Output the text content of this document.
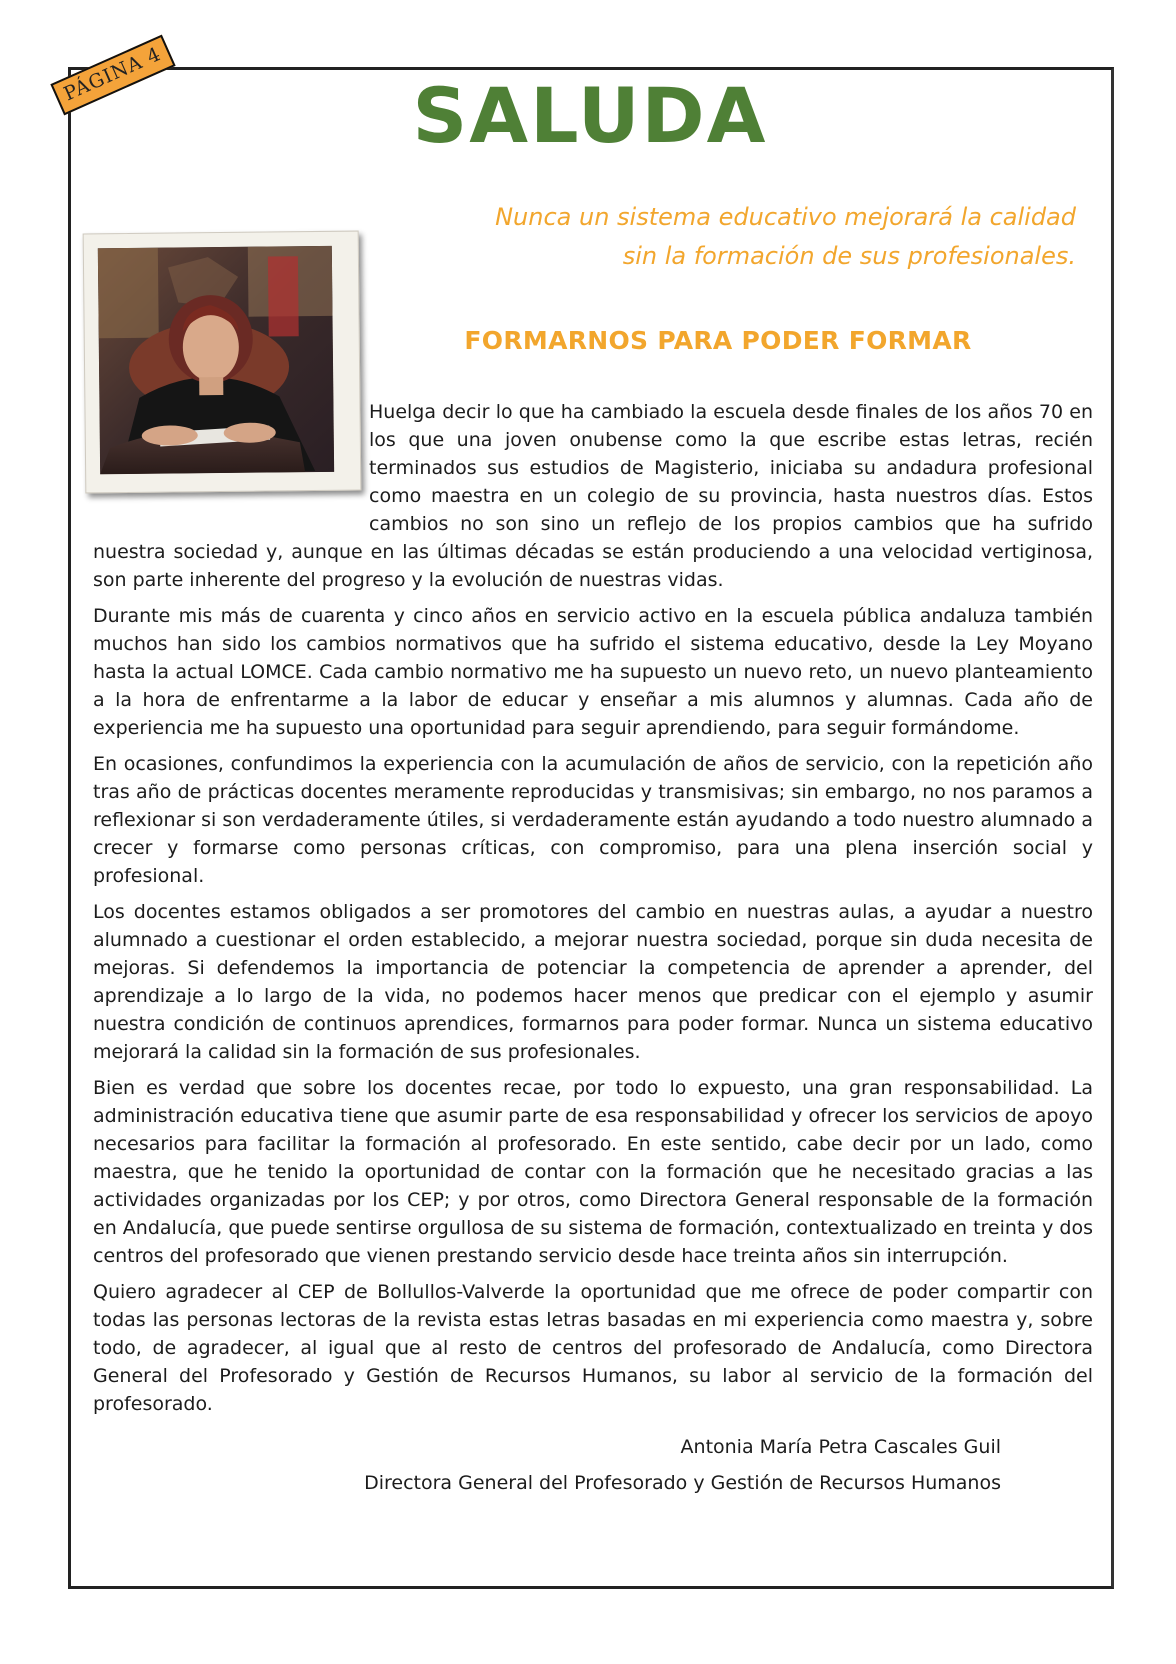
PÁGINA 4	SALUDA

Nunca un sistema educativo mejorará la calidad
sin la formación de sus profesionales.

FORMARNOS PARA PODER FORMAR

Huelga decir lo que ha cambiado la escuela desde finales de los años 70 en los que una joven onubense como la que escribe estas letras, recién terminados sus estudios de Magisterio, iniciaba su andadura profesional como maestra en un colegio de su provincia, hasta nuestros días. Estos cambios no son sino un reflejo de los propios cambios que ha sufrido nuestra sociedad y, aunque en las últimas décadas se están produciendo a una velocidad vertiginosa, son parte inherente del progreso y la evolución de nuestras vidas.

Durante mis más de cuarenta y cinco años en servicio activo en la escuela pública andaluza también muchos han sido los cambios normativos que ha sufrido el sistema educativo, desde la Ley Moyano hasta la actual LOMCE. Cada cambio normativo me ha supuesto un nuevo reto, un nuevo planteamiento a la hora de enfrentarme a la labor de educar y enseñar a mis alumnos y alumnas. Cada año de experiencia me ha supuesto una oportunidad para seguir aprendiendo, para seguir formándome.

En ocasiones, confundimos la experiencia con la acumulación de años de servicio, con la repetición año tras año de prácticas docentes meramente reproducidas y transmisivas; sin embargo, no nos paramos a reflexionar si son verdaderamente útiles, si verdaderamente están ayudando a todo nuestro alumnado a crecer y formarse como personas críticas, con compromiso, para una plena inserción social y profesional.

Los docentes estamos obligados a ser promotores del cambio en nuestras aulas, a ayudar a nuestro alumnado a cuestionar el orden establecido, a mejorar nuestra sociedad, porque sin duda necesita de mejoras. Si defendemos la importancia de potenciar la competencia de aprender a aprender, del aprendizaje a lo largo de la vida, no podemos hacer menos que predicar con el ejemplo y asumir nuestra condición de continuos aprendices, formarnos para poder formar. Nunca un sistema educativo mejorará la calidad sin la formación de sus profesionales.

Bien es verdad que sobre los docentes recae, por todo lo expuesto, una gran responsabilidad. La administración educativa tiene que asumir parte de esa responsabilidad y ofrecer los servicios de apoyo necesarios para facilitar la formación al profesorado. En este sentido, cabe decir por un lado, como maestra, que he tenido la oportunidad de contar con la formación que he necesitado gracias a las actividades organizadas por los CEP; y por otros, como Directora General responsable de la formación en Andalucía, que puede sentirse orgullosa de su sistema de formación, contextualizado en treinta y dos centros del profesorado que vienen prestando servicio desde hace treinta años sin interrupción.

Quiero agradecer al CEP de Bollullos-Valverde la oportunidad que me ofrece de poder compartir con todas las personas lectoras de la revista estas letras basadas en mi experiencia como maestra y, sobre todo, de agradecer, al igual que al resto de centros del profesorado de Andalucía, como Directora General del Profesorado y Gestión de Recursos Humanos, su labor al servicio de la formación del profesorado.

Antonia María Petra Cascales Guil

Directora General del Profesorado y Gestión de Recursos Humanos
